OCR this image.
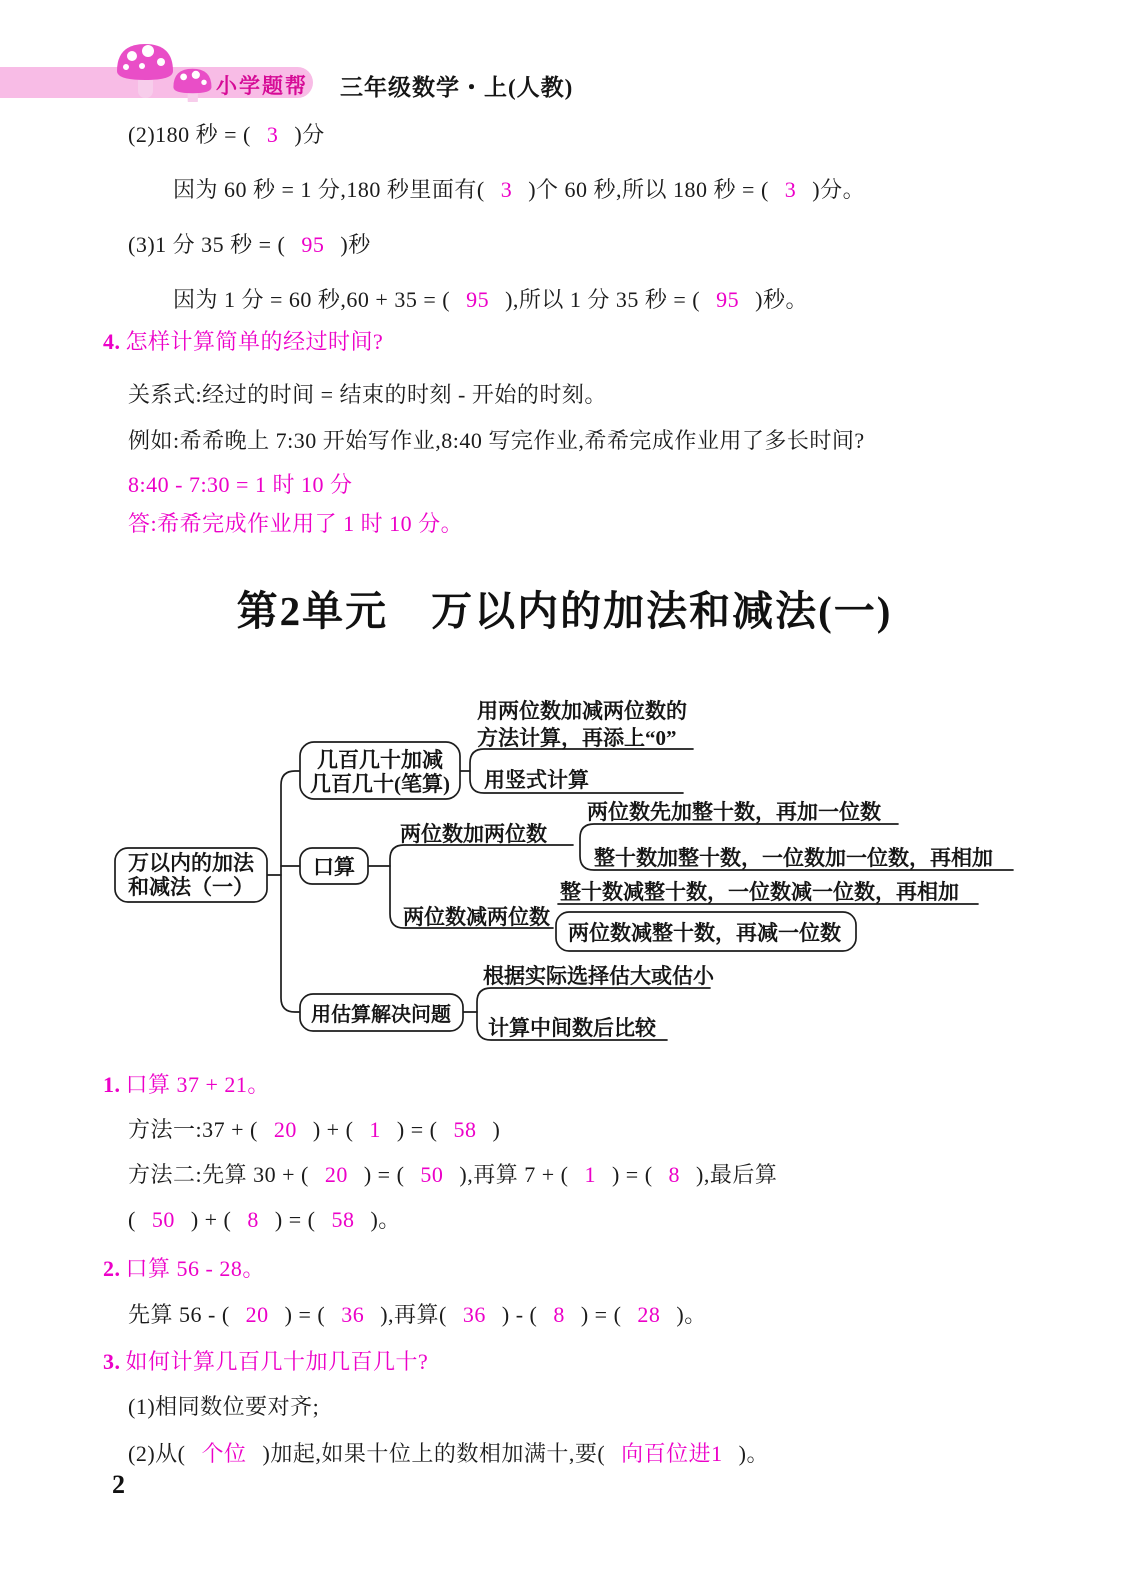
小学题帮 三年级数学・上(人教)
(2)180 秒 = ( 3 )分
因为 60 秒 = 1 分,180 秒里面有( 3 )个 60 秒,所以 180 秒 = ( 3 )分。
(3)1 分 35 秒 = ( 95 )秒
因为 1 分 = 60 秒,60 + 35 = ( 95 ),所以 1 分 35 秒 = ( 95 )秒。
4. 怎样计算简单的经过时间?
关系式:经过的时间 = 结束的时刻 - 开始的时刻。
例如:希希晚上 7:30 开始写作业,8:40 写完作业,希希完成作业用了多长时间?
8:40 - 7:30 = 1 时 10 分
答:希希完成作业用了 1 时 10 分。
第2单元　万以内的加法和减法(一)
万以内的加法
和减法（一）
几百几十加减
几百几十(笔算)
口算
用估算解决问题
用两位数加减两位数的
方法计算，再添上“0”
用竖式计算
两位数加两位数
两位数先加整十数，再加一位数
整十数加整十数，一位数加一位数，再相加
两位数减两位数
整十数减整十数，一位数减一位数，再相加
两位数减整十数，再减一位数
根据实际选择估大或估小
计算中间数后比较
1. 口算 37 + 21。
方法一:37 + ( 20 ) + ( 1 ) = ( 58 )
方法二:先算 30 + ( 20 ) = ( 50 ),再算 7 + ( 1 ) = ( 8 ),最后算
( 50 ) + ( 8 ) = ( 58 )。
2. 口算 56 - 28。
先算 56 - ( 20 ) = ( 36 ),再算( 36 ) - ( 8 ) = ( 28 )。
3. 如何计算几百几十加几百几十?
(1)相同数位要对齐;
(2)从( 个位 )加起,如果十位上的数相加满十,要( 向百位进1 )。
2
